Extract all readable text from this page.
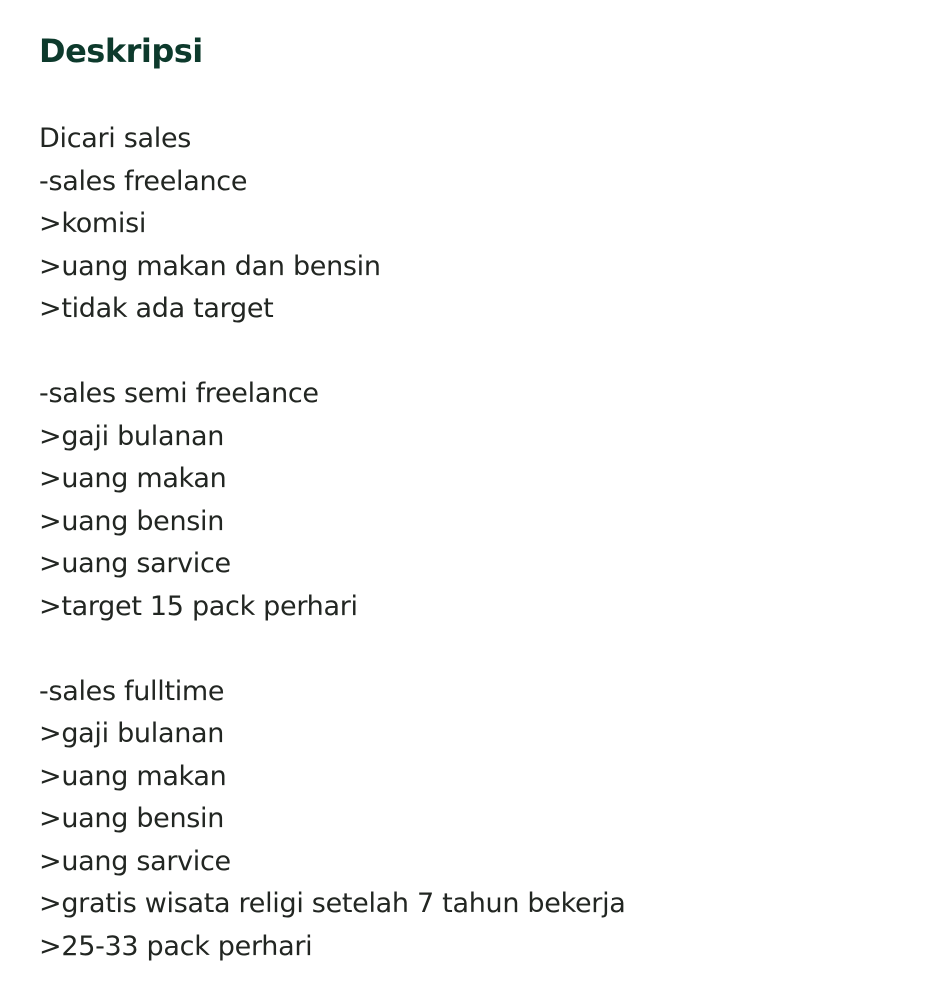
Deskripsi
Dicari sales
-sales freelance
>komisi
>uang makan dan bensin
>tidak ada target
-sales semi freelance
>gaji bulanan
>uang makan
>uang bensin
>uang sarvice
>target 15 pack perhari
-sales fulltime
>gaji bulanan
>uang makan
>uang bensin
>uang sarvice
>gratis wisata religi setelah 7 tahun bekerja
>25-33 pack perhari
